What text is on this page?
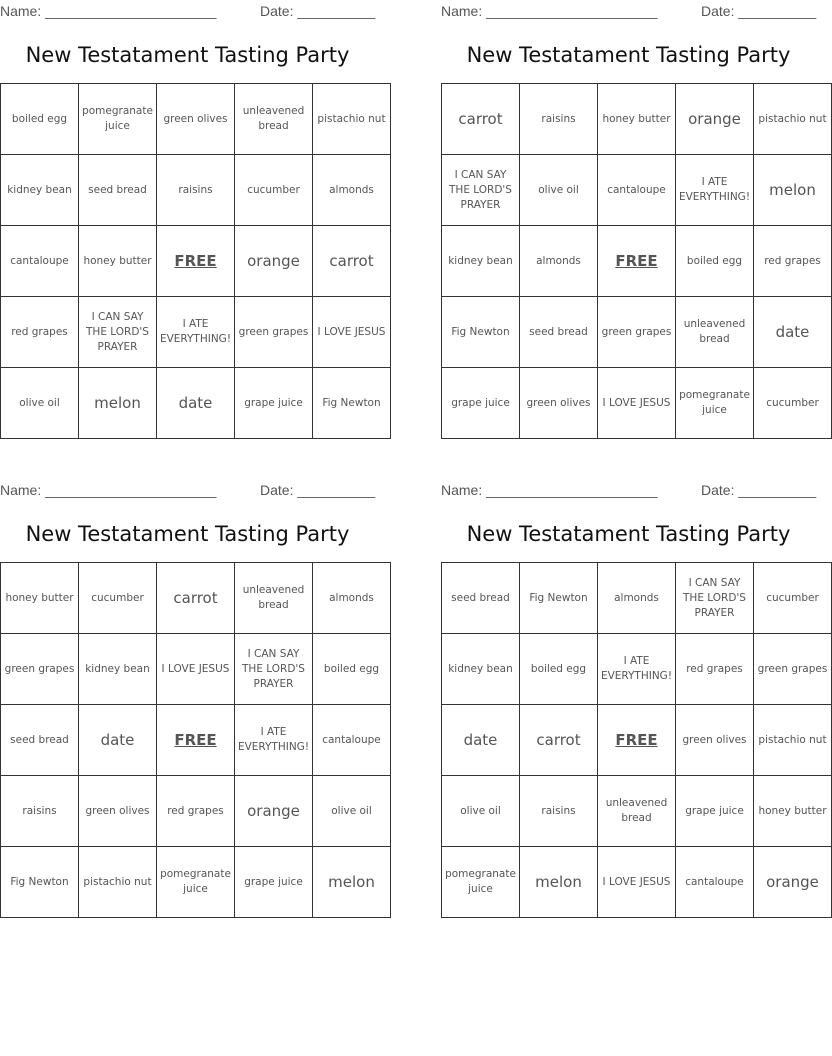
Name: ______________________	Date: __________
New Testatament Tasting Party
boiled egg	pomegranate juice	green olives	unleavened bread	pistachio nut
kidney bean	seed bread	raisins	cucumber	almonds
cantaloupe	honey butter	FREE	orange	carrot
red grapes	I CAN SAY THE LORD'S PRAYER	I ATE EVERYTHING!	green grapes	I LOVE JESUS
olive oil	melon	date	grape juice	Fig Newton
Name: ______________________	Date: __________
New Testatament Tasting Party
carrot	raisins	honey butter	orange	pistachio nut
I CAN SAY THE LORD'S PRAYER	olive oil	cantaloupe	I ATE EVERYTHING!	melon
kidney bean	almonds	FREE	boiled egg	red grapes
Fig Newton	seed bread	green grapes	unleavened bread	date
grape juice	green olives	I LOVE JESUS	pomegranate juice	cucumber
Name: ______________________	Date: __________
New Testatament Tasting Party
honey butter	cucumber	carrot	unleavened bread	almonds
green grapes	kidney bean	I LOVE JESUS	I CAN SAY THE LORD'S PRAYER	boiled egg
seed bread	date	FREE	I ATE EVERYTHING!	cantaloupe
raisins	green olives	red grapes	orange	olive oil
Fig Newton	pistachio nut	pomegranate juice	grape juice	melon
Name: ______________________	Date: __________
New Testatament Tasting Party
seed bread	Fig Newton	almonds	I CAN SAY THE LORD'S PRAYER	cucumber
kidney bean	boiled egg	I ATE EVERYTHING!	red grapes	green grapes
date	carrot	FREE	green olives	pistachio nut
olive oil	raisins	unleavened bread	grape juice	honey butter
pomegranate juice	melon	I LOVE JESUS	cantaloupe	orange
